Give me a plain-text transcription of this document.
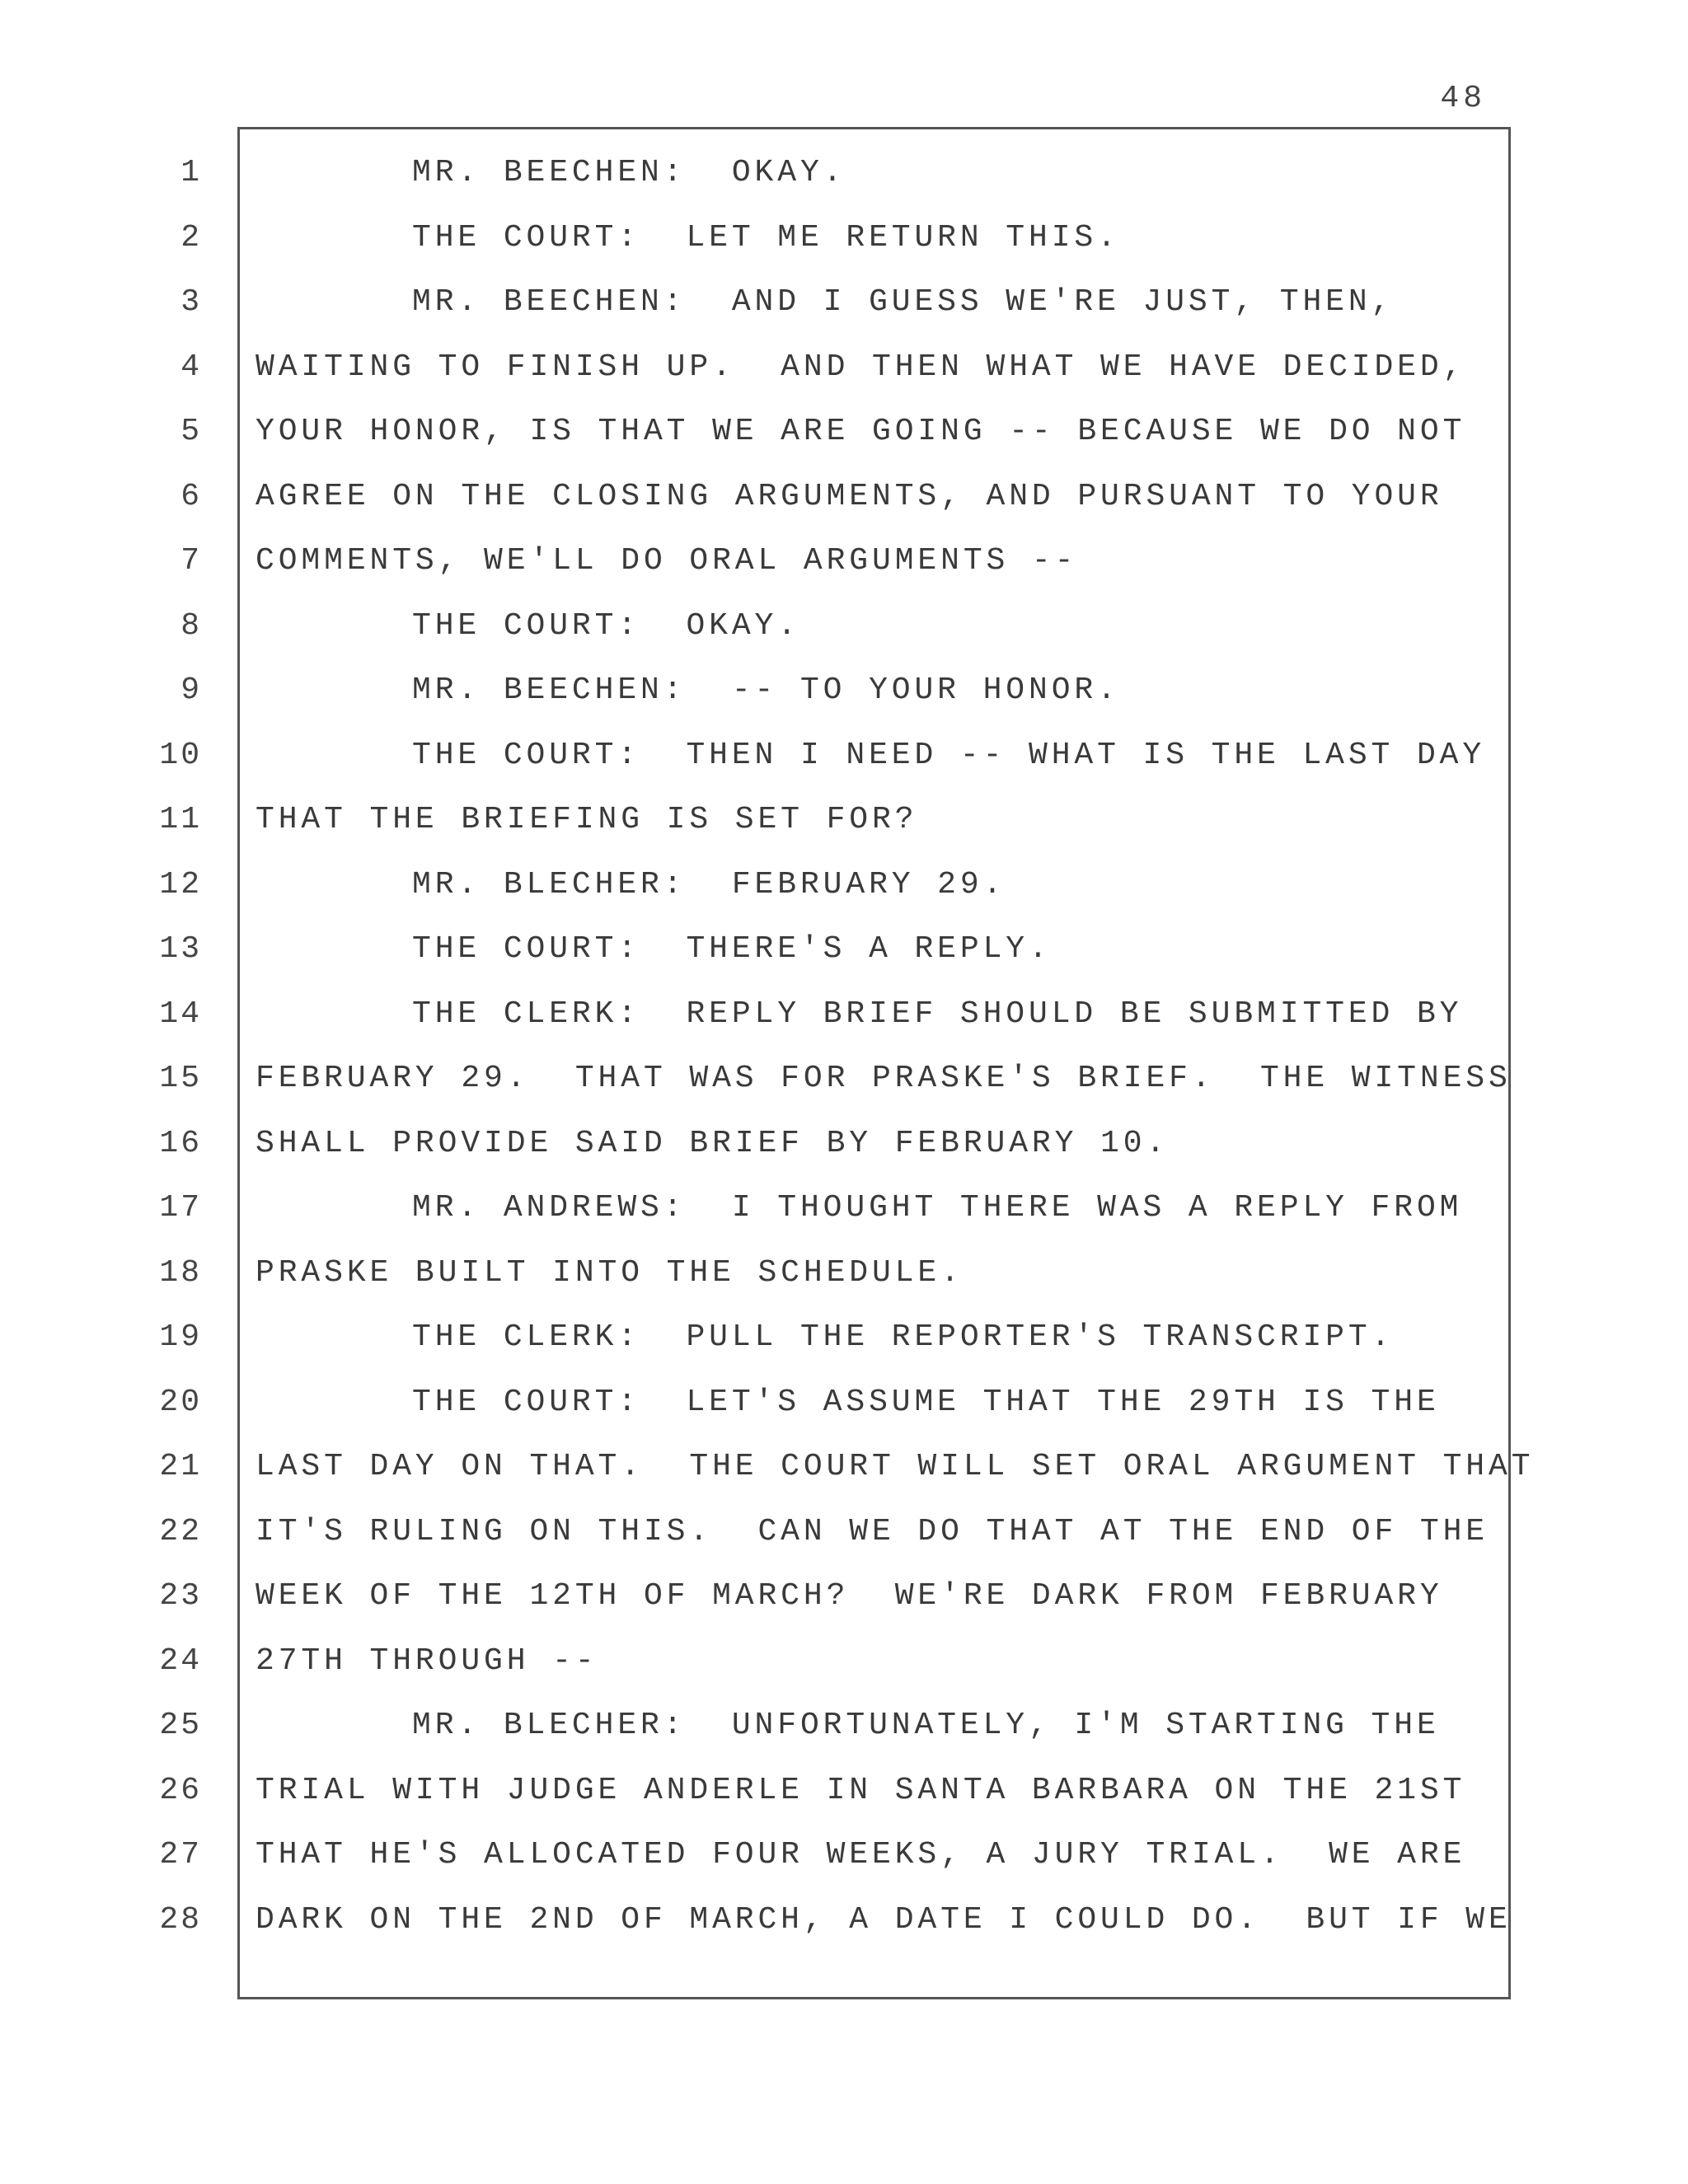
48
1
2
3
4
5
6
7
8
9
10
11
12
13
14
15
16
17
18
19
20
21
22
23
24
25
26
27
28
MR. BEECHEN:  OKAY.
THE COURT:  LET ME RETURN THIS.
MR. BEECHEN:  AND I GUESS WE'RE JUST, THEN,
WAITING TO FINISH UP.  AND THEN WHAT WE HAVE DECIDED,
YOUR HONOR, IS THAT WE ARE GOING -- BECAUSE WE DO NOT
AGREE ON THE CLOSING ARGUMENTS, AND PURSUANT TO YOUR
COMMENTS, WE'LL DO ORAL ARGUMENTS --
THE COURT:  OKAY.
MR. BEECHEN:  -- TO YOUR HONOR.
THE COURT:  THEN I NEED -- WHAT IS THE LAST DAY
THAT THE BRIEFING IS SET FOR?
MR. BLECHER:  FEBRUARY 29.
THE COURT:  THERE'S A REPLY.
THE CLERK:  REPLY BRIEF SHOULD BE SUBMITTED BY
FEBRUARY 29.  THAT WAS FOR PRASKE'S BRIEF.  THE WITNESS
SHALL PROVIDE SAID BRIEF BY FEBRUARY 10.
MR. ANDREWS:  I THOUGHT THERE WAS A REPLY FROM
PRASKE BUILT INTO THE SCHEDULE.
THE CLERK:  PULL THE REPORTER'S TRANSCRIPT.
THE COURT:  LET'S ASSUME THAT THE 29TH IS THE
LAST DAY ON THAT.  THE COURT WILL SET ORAL ARGUMENT THAT
IT'S RULING ON THIS.  CAN WE DO THAT AT THE END OF THE
WEEK OF THE 12TH OF MARCH?  WE'RE DARK FROM FEBRUARY
27TH THROUGH --
MR. BLECHER:  UNFORTUNATELY, I'M STARTING THE
TRIAL WITH JUDGE ANDERLE IN SANTA BARBARA ON THE 21ST
THAT HE'S ALLOCATED FOUR WEEKS, A JURY TRIAL.  WE ARE
DARK ON THE 2ND OF MARCH, A DATE I COULD DO.  BUT IF WE
